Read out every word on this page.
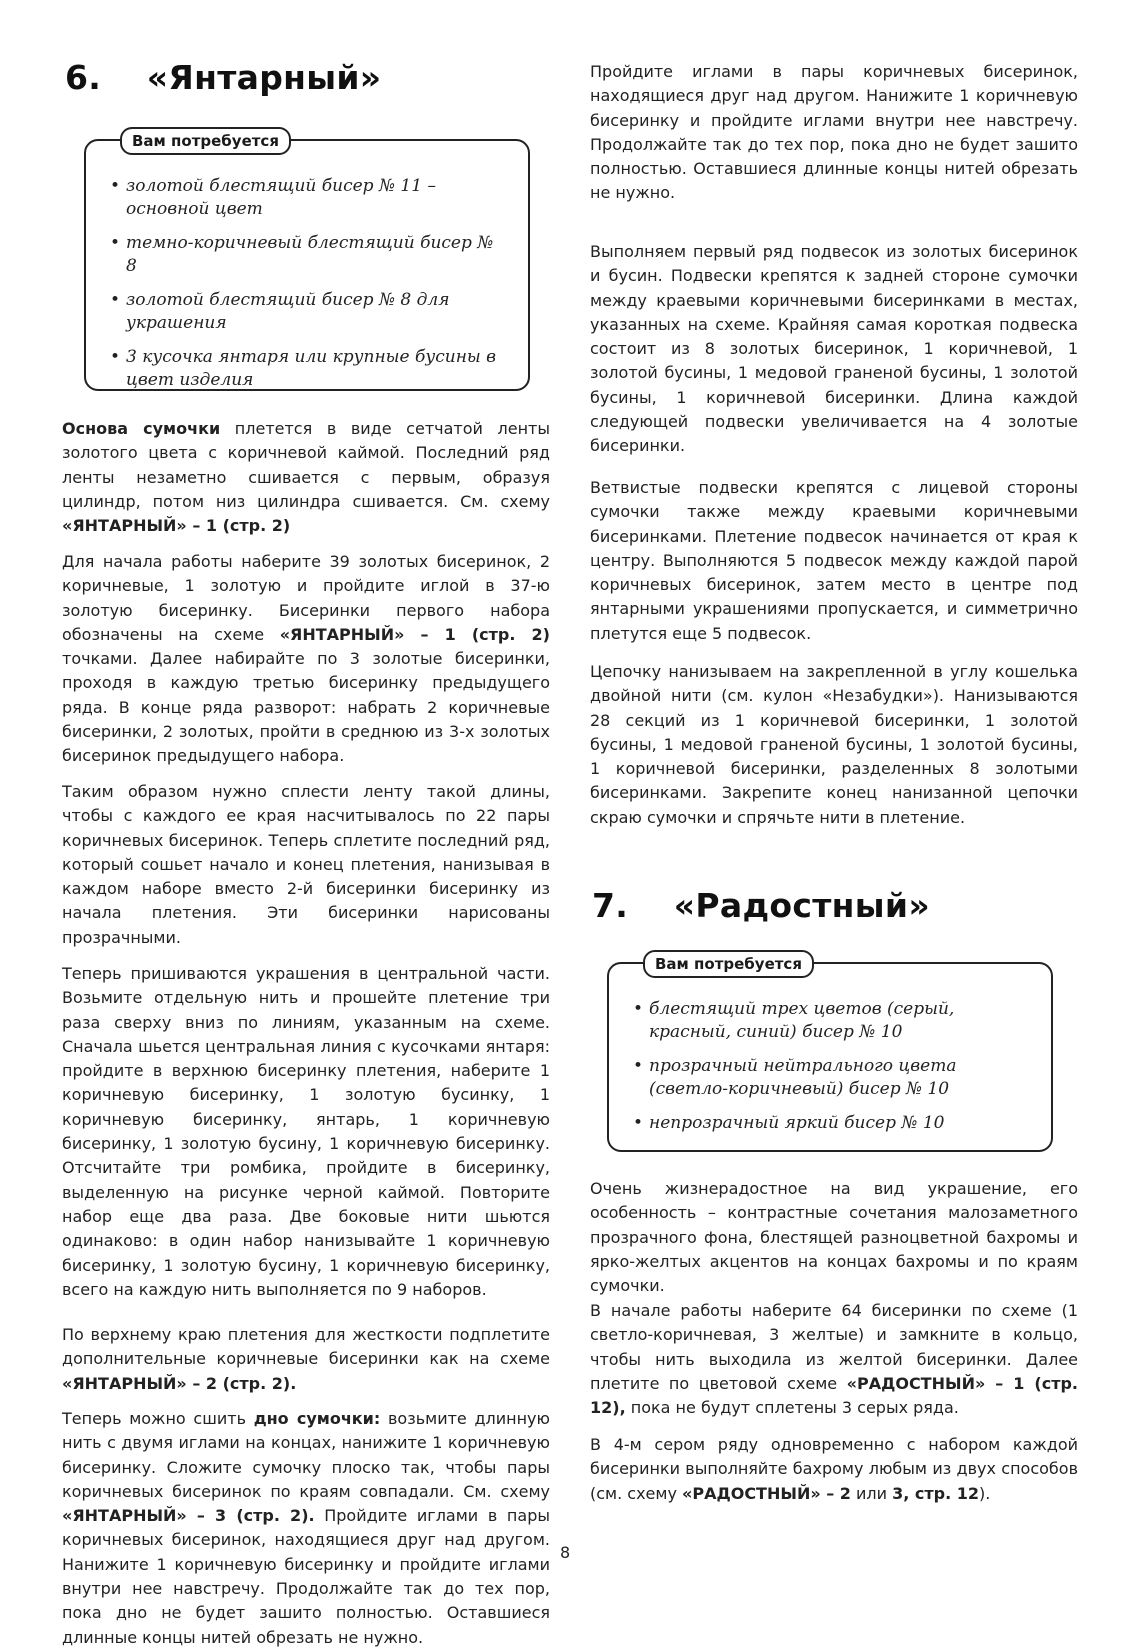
6. «Янтарный»
Вам потребуется
• золотой блестящий бисер № 11 – основной цвет
• темно-коричневый блестящий бисер № 8
• золотой блестящий бисер № 8 для украшения
• 3 кусочка янтаря или крупные бусины в цвет изделия

Основа сумочки плетется в виде сетчатой ленты золотого цвета с коричневой каймой. Последний ряд ленты незаметно сшивается с первым, образуя цилиндр, потом низ цилиндра сшивается. См. схему «ЯНТАРНЫЙ» – 1 (стр. 2)

Для начала работы наберите 39 золотых бисеринок, 2 коричневые, 1 золотую и пройдите иглой в 37-ю золотую бисеринку. Бисеринки первого набора обозначены на схеме «ЯНТАРНЫЙ» – 1 (стр. 2) точками. Далее набирайте по 3 золотые бисеринки, проходя в каждую третью бисеринку предыдущего ряда. В конце ряда разворот: набрать 2 коричневые бисеринки, 2 золотых, пройти в среднюю из 3-х золотых бисеринок предыдущего набора.

Таким образом нужно сплести ленту такой длины, чтобы с каждого ее края насчитывалось по 22 пары коричневых бисеринок. Теперь сплетите последний ряд, который сошьет начало и конец плетения, нанизывая в каждом наборе вместо 2-й бисеринки бисеринку из начала плетения. Эти бисеринки нарисованы прозрачными.

Теперь пришиваются украшения в центральной части. Возьмите отдельную нить и прошейте плетение три раза сверху вниз по линиям, указанным на схеме. Сначала шьется центральная линия с кусочками янтаря: пройдите в верхнюю бисеринку плетения, наберите 1 коричневую бисеринку, 1 золотую бусинку, 1 коричневую бисеринку, янтарь, 1 коричневую бисеринку, 1 золотую бусину, 1 коричневую бисеринку. Отсчитайте три ромбика, пройдите в бисеринку, выделенную на рисунке черной каймой. Повторите набор еще два раза. Две боковые нити шьются одинаково: в один набор нанизывайте 1 коричневую бисеринку, 1 золотую бусину, 1 коричневую бисеринку, всего на каждую нить выполняется по 9 наборов.

По верхнему краю плетения для жесткости подплетите дополнительные коричневые бисеринки как на схеме «ЯНТАРНЫЙ» – 2 (стр. 2).

Теперь можно сшить дно сумочки: возьмите длинную нить с двумя иглами на концах, нанижите 1 коричневую бисеринку. Сложите сумочку плоско так, чтобы пары коричневых бисеринок по краям совпадали. См. схему «ЯНТАРНЫЙ» – 3 (стр. 2). Пройдите иглами в пары коричневых бисеринок, находящиеся друг над другом. Нанижите 1 коричневую бисеринку и пройдите иглами внутри нее навстречу. Продолжайте так до тех пор, пока дно не будет зашито полностью. Оставшиеся длинные концы нитей обрезать не нужно.

Пройдите иглами в пары коричневых бисеринок, находящиеся друг над другом. Нанижите 1 коричневую бисеринку и пройдите иглами внутри нее навстречу. Продолжайте так до тех пор, пока дно не будет зашито полностью. Оставшиеся длинные концы нитей обрезать не нужно.

Выполняем первый ряд подвесок из золотых бисеринок и бусин. Подвески крепятся к задней стороне сумочки между краевыми коричневыми бисеринками в местах, указанных на схеме. Крайняя самая короткая подвеска состоит из 8 золотых бисеринок, 1 коричневой, 1 золотой бусины, 1 медовой граненой бусины, 1 золотой бусины, 1 коричневой бисеринки. Длина каждой следующей подвески увеличивается на 4 золотые бисеринки.

Ветвистые подвески крепятся с лицевой стороны сумочки также между краевыми коричневыми бисеринками. Плетение подвесок начинается от края к центру. Выполняются 5 подвесок между каждой парой коричневых бисеринок, затем место в центре под янтарными украшениями пропускается, и симметрично плетутся еще 5 подвесок.

Цепочку нанизываем на закрепленной в углу кошелька двойной нити (см. кулон «Незабудки»). Нанизываются 28 секций из 1 коричневой бисеринки, 1 золотой бусины, 1 медовой граненой бусины, 1 золотой бусины, 1 коричневой бисеринки, разделенных 8 золотыми бисеринками. Закрепите конец нанизанной цепочки скраю сумочки и спрячьте нити в плетение.

7. «Радостный»
Вам потребуется
• блестящий трех цветов (серый, красный, синий) бисер № 10
• прозрачный нейтрального цвета (светло-коричневый) бисер № 10
• непрозрачный яркий бисер № 10

Очень жизнерадостное на вид украшение, его особенность – контрастные сочетания малозаметного прозрачного фона, блестящей разноцветной бахромы и ярко-желтых акцентов на концах бахромы и по краям сумочки.

В начале работы наберите 64 бисеринки по схеме (1 светло-коричневая, 3 желтые) и замкните в кольцо, чтобы нить выходила из желтой бисеринки. Далее плетите по цветовой схеме «РАДОСТНЫЙ» – 1 (стр. 12), пока не будут сплетены 3 серых ряда.

В 4-м сером ряду одновременно с набором каждой бисеринки выполняйте бахрому любым из двух способов (см. схему «РАДОСТНЫЙ» – 2 или 3, стр. 12).

8
